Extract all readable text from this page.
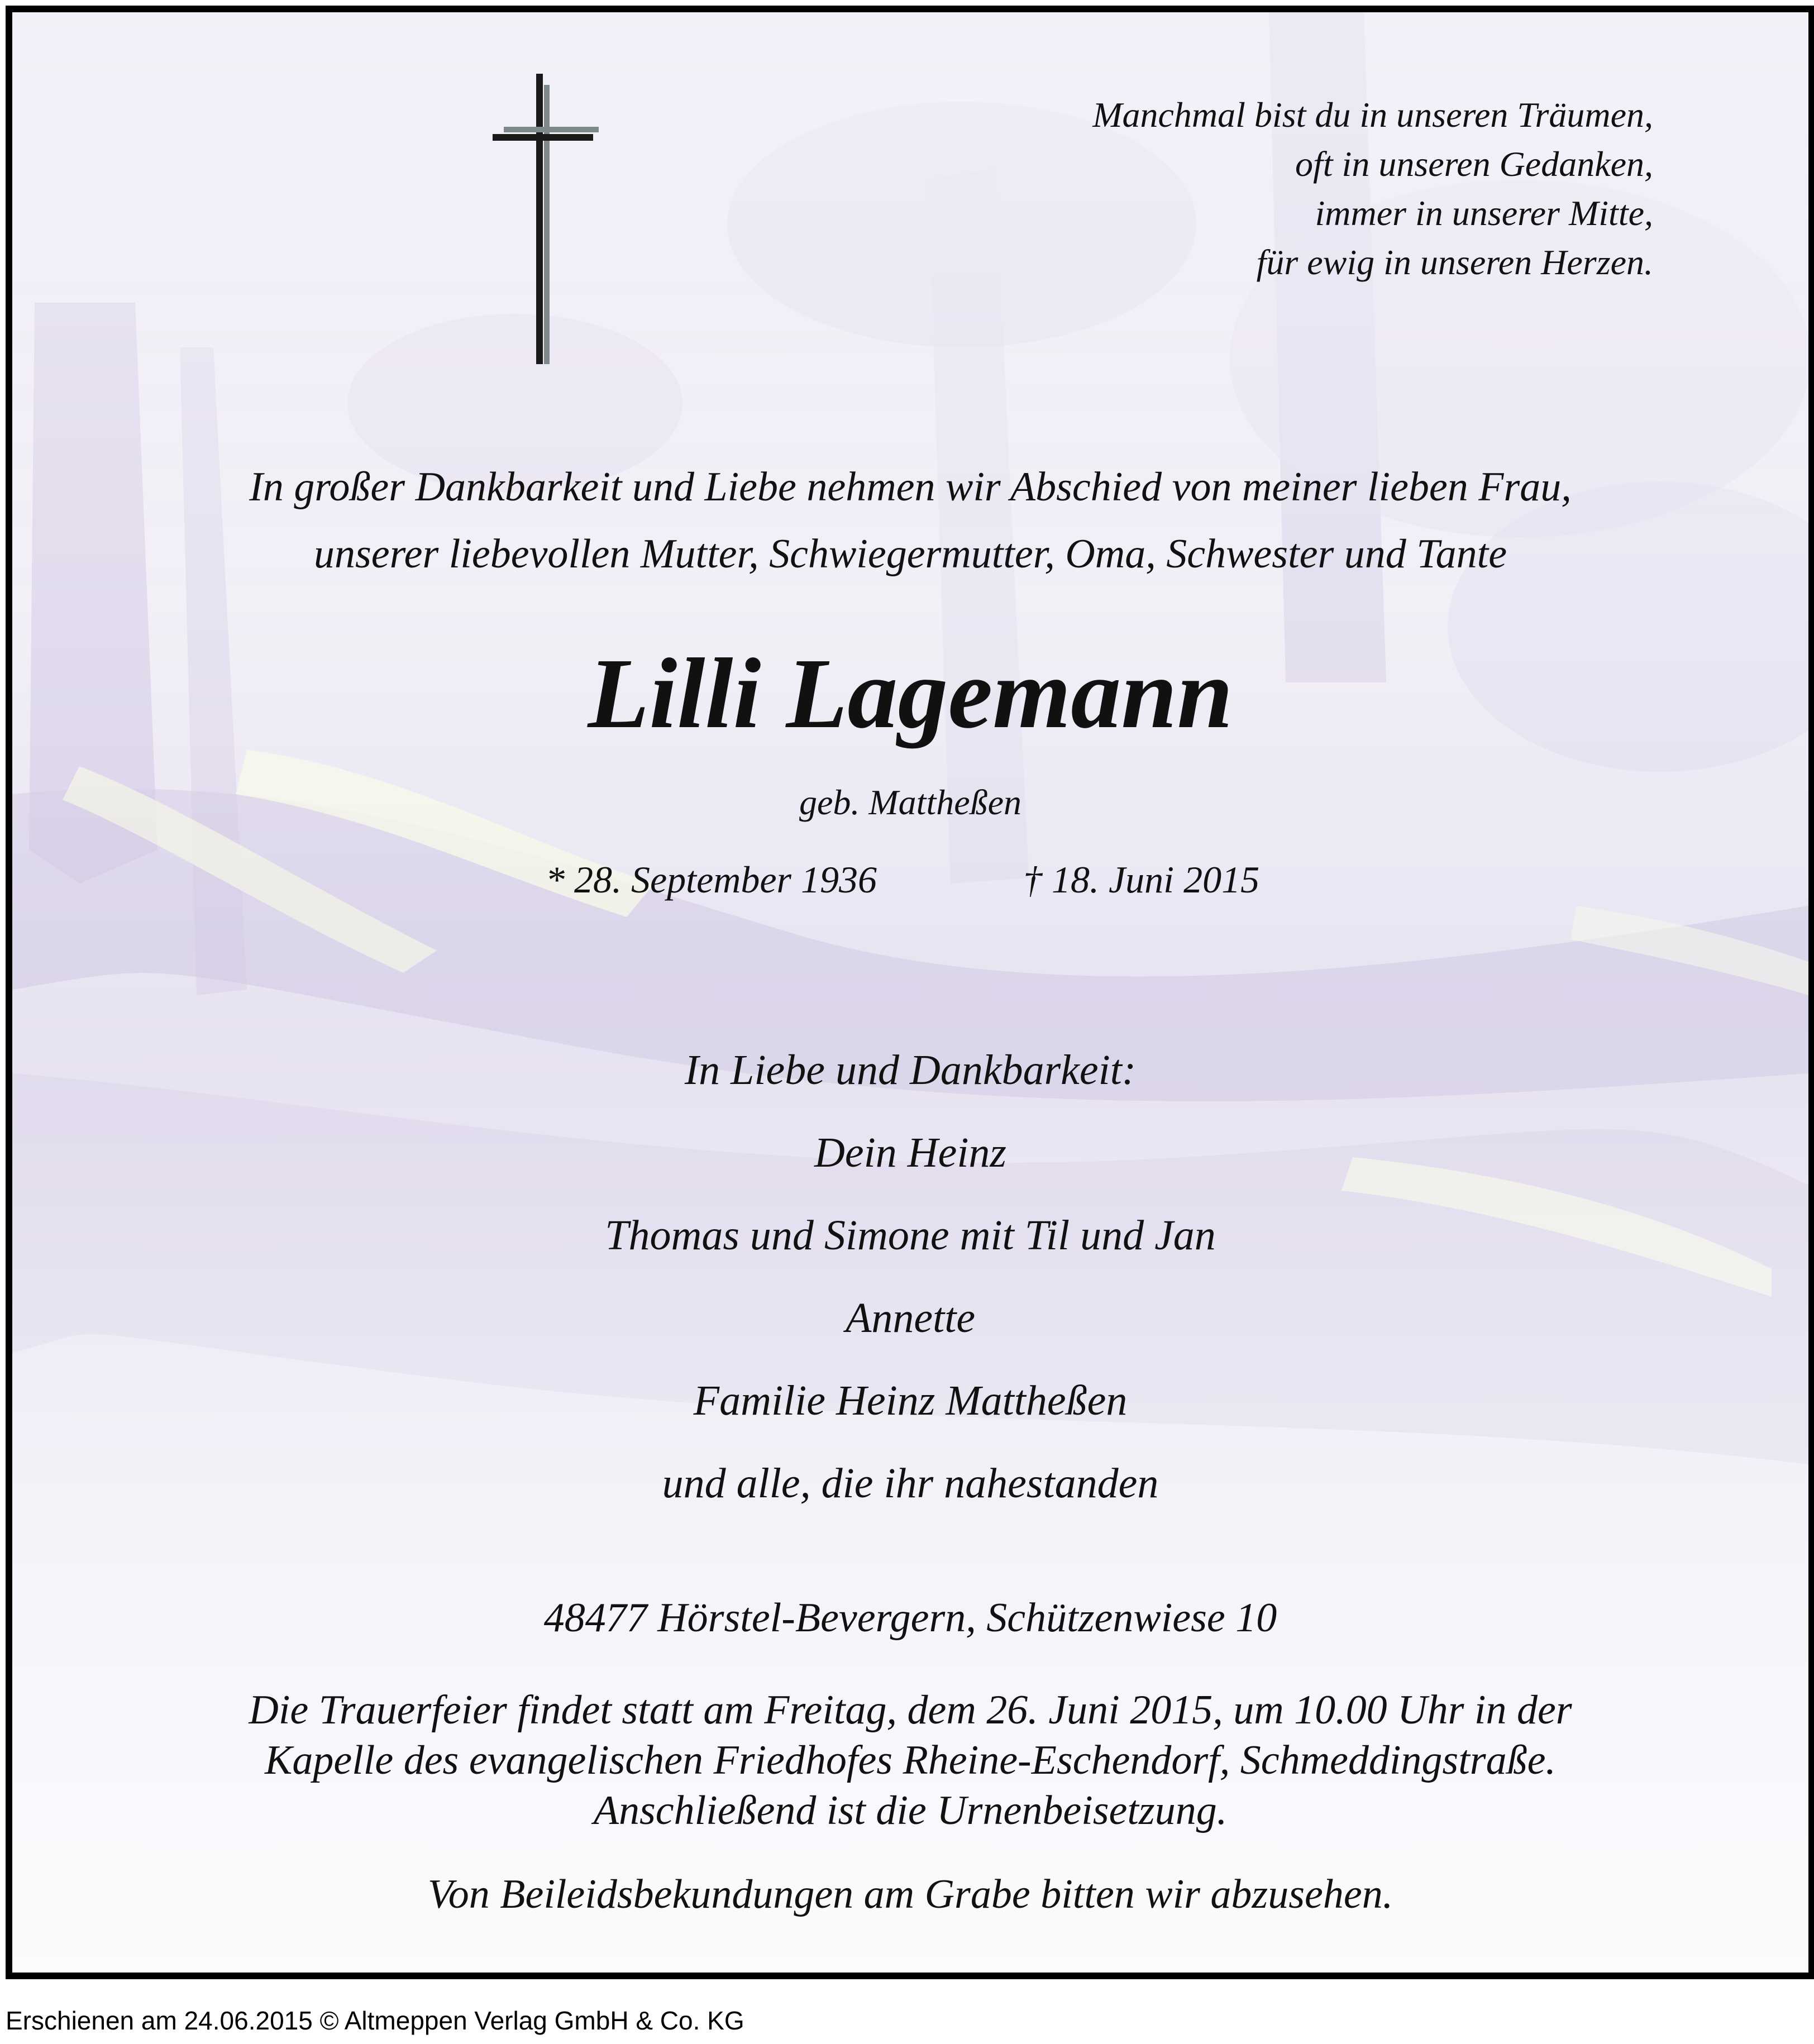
Manchmal bist du in unseren Träumen,
oft in unseren Gedanken,
immer in unserer Mitte,
für ewig in unseren Herzen.
In großer Dankbarkeit und Liebe nehmen wir Abschied von meiner lieben Frau,
unserer liebevollen Mutter, Schwiegermutter, Oma, Schwester und Tante
Lilli Lagemann
geb. Mattheßen
* 28. September 1936	† 18. Juni 2015
In Liebe und Dankbarkeit:
Dein Heinz
Thomas und Simone mit Til und Jan
Annette
Familie Heinz Mattheßen
und alle, die ihr nahestanden
48477 Hörstel-Bevergern, Schützenwiese 10
Die Trauerfeier findet statt am Freitag, dem 26. Juni 2015, um 10.00 Uhr in der
Kapelle des evangelischen Friedhofes Rheine-Eschendorf, Schmeddingstraße.
Anschließend ist die Urnenbeisetzung.
Von Beileidsbekundungen am Grabe bitten wir abzusehen.
Erschienen am 24.06.2015 © Altmeppen Verlag GmbH & Co. KG
